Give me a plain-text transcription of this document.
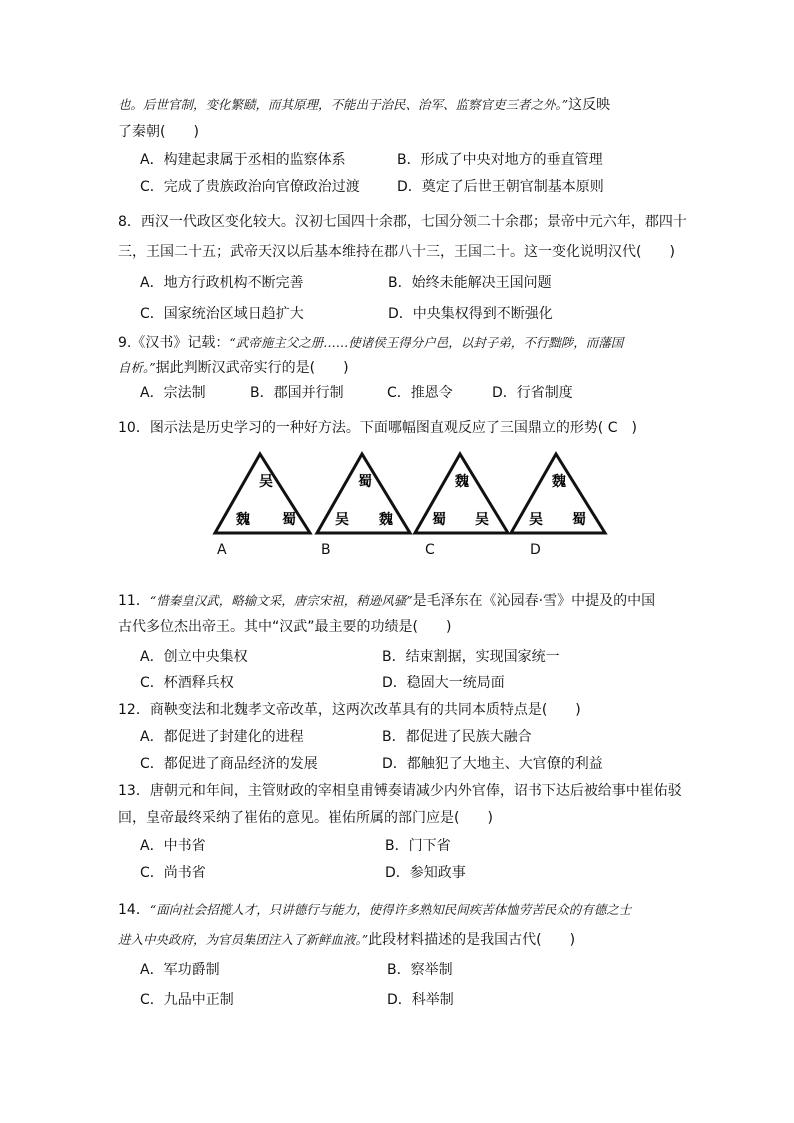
也。后世官制，变化繁赜，而其原理，不能出于治民、治军、监察官吏三者之外。”这反映
了秦朝(　　)
A．构建起隶属于丞相的监察体系	B．形成了中央对地方的垂直管理
C．完成了贵族政治向官僚政治过渡	D．奠定了后世王朝官制基本原则
8．西汉一代政区变化较大。汉初七国四十余郡，七国分领二十余郡；景帝中元六年，郡四十
三，王国二十五；武帝天汉以后基本维持在郡八十三，王国二十。这一变化说明汉代(　　)
A．地方行政机构不断完善	B．始终未能解决王国问题
C．国家统治区域日趋扩大	D．中央集权得到不断强化
9.《汉书》记载：“武帝施主父之册……使诸侯王得分户邑，以封子弟，不行黜陟，而藩国
自析。”据此判断汉武帝实行的是(　　)
A．宗法制	B．郡国并行制	C．推恩令	D．行省制度
10．图示法是历史学习的一种好方法。下面哪幅图直观反应了三国鼎立的形势( C　)
吴
魏 蜀
蜀
吴 魏
魏
蜀 吴
魏
吴 蜀
A	B	C	D
11．“惜秦皇汉武，略输文采，唐宗宋祖，稍逊风骚”是毛泽东在《沁园春·雪》中提及的中国
古代多位杰出帝王。其中“汉武”最主要的功绩是(　　)
A．创立中央集权	B．结束割据，实现国家统一
C．杯酒释兵权	D．稳固大一统局面
12．商鞅变法和北魏孝文帝改革，这两次改革具有的共同本质特点是(　　)
A．都促进了封建化的进程	B．都促进了民族大融合
C．都促进了商品经济的发展	D．都触犯了大地主、大官僚的利益
13．唐朝元和年间，主管财政的宰相皇甫镈奏请减少内外官俸，诏书下达后被给事中崔佑驳
回，皇帝最终采纳了崔佑的意见。崔佑所属的部门应是(　　)
A．中书省	B．门下省
C．尚书省	D．参知政事
14．“面向社会招揽人才，只讲德行与能力，使得许多熟知民间疾苦体恤劳苦民众的有德之士
进入中央政府，为官员集团注入了新鲜血液。”此段材料描述的是我国古代(　　)
A．军功爵制	B．察举制
C．九品中正制	D．科举制
